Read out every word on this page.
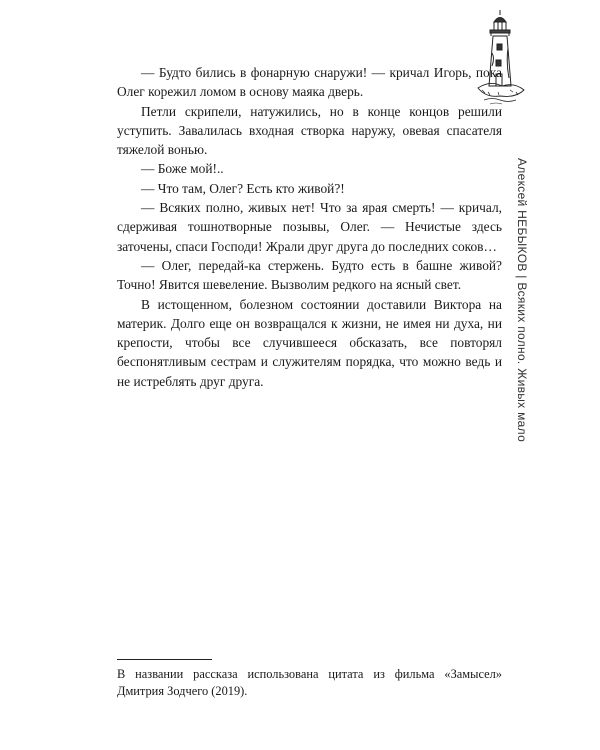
— Будто бились в фонарную снаружи! — кричал Игорь, пока Олег корежил ломом в основу маяка дверь.

Петли скрипели, натужились, но в конце концов решили уступить. Завалилась входная створка наружу, овевая спасателя тяжелой вонью.

— Боже мой!..

— Что там, Олег? Есть кто живой?!

— Всяких полно, живых нет! Что за ярая смерть! — кричал, сдерживая тошнотворные позывы, Олег. — Нечистые здесь заточены, спаси Господи! Жрали друг друга до последних соков…

— Олег, передай-ка стержень. Будто есть в башне живой? Точно! Явится шевеление. Вызволим редкого на ясный свет.

В истощенном, болезном состоянии доставили Виктора на материк. Долго еще он возвращался к жизни, не имея ни духа, ни крепости, чтобы все случившееся обсказать, все повторял беспонятливым сестрам и служителям порядка, что можно ведь и не истреблять друг друга.	Алексей НЕБЫКОВ | Всяких полно. Живых мало

В названии рассказа использована цитата из фильма «Замысел» Дмитрия Зодчего (2019).
